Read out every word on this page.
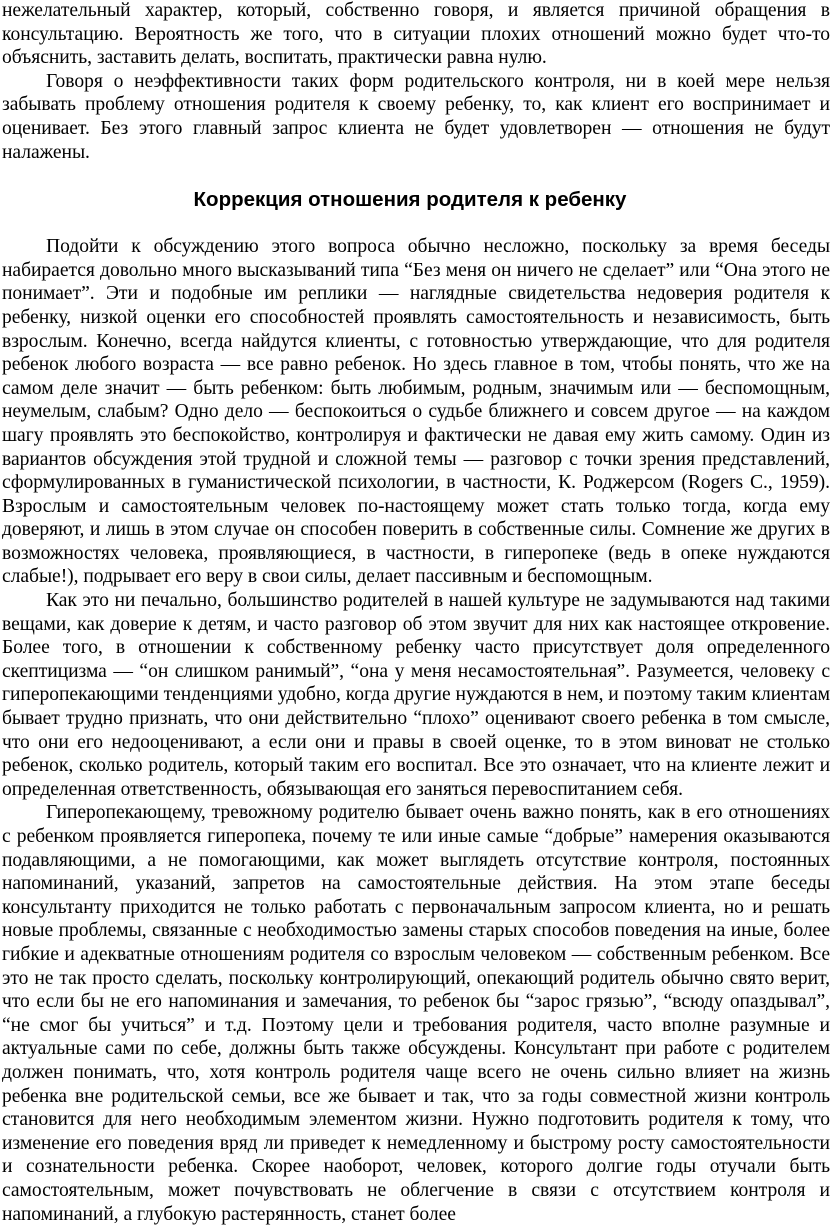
нежелательный характер, который, собственно говоря, и является причиной обращения в консультацию. Вероятность же того, что в ситуации плохих отношений можно будет что-то объяснить, заставить делать, воспитать, практически равна нулю.

Говоря о неэффективности таких форм родительского контроля, ни в коей мере нельзя забывать проблему отношения родителя к своему ребенку, то, как клиент его воспринимает и оценивает. Без этого главный запрос клиента не будет удовлетворен — отношения не будут налажены.

Коррекция отношения родителя к ребенку

Подойти к обсуждению этого вопроса обычно несложно, поскольку за время беседы набирается довольно много высказываний типа “Без меня он ничего не сделает” или “Она этого не понимает”. Эти и подобные им реплики — наглядные свидетельства недоверия родителя к ребенку, низкой оценки его способностей проявлять самостоятельность и независимость, быть взрослым. Конечно, всегда найдутся клиенты, с готовностью утверждающие, что для родителя ребенок любого возраста — все равно ребенок. Но здесь главное в том, чтобы понять, что же на самом деле значит — быть ребенком: быть любимым, родным, значимым или — беспомощным, неумелым, слабым? Одно дело — беспокоиться о судьбе ближнего и совсем другое — на каждом шагу проявлять это беспокойство, контролируя и фактически не давая ему жить самому. Один из вариантов обсуждения этой трудной и сложной темы — разговор с точки зрения представлений, сформулированных в гуманистической психологии, в частности, К. Роджерсом (Rogers C., 1959). Взрослым и самостоятельным человек по-настоящему может стать только тогда, когда ему доверяют, и лишь в этом случае он способен поверить в собственные силы. Сомнение же других в возможностях человека, проявляющиеся, в частности, в гиперопеке (ведь в опеке нуждаются слабые!), подрывает его веру в свои силы, делает пассивным и беспомощным.

Как это ни печально, большинство родителей в нашей культуре не задумываются над такими вещами, как доверие к детям, и часто разговор об этом звучит для них как настоящее откровение. Более того, в отношении к собственному ребенку часто присутствует доля определенного скептицизма — “он слишком ранимый”, “она у меня несамостоятельная”. Разумеется, человеку с гиперопекающими тенденциями удобно, когда другие нуждаются в нем, и поэтому таким клиентам бывает трудно признать, что они действительно “плохо” оценивают своего ребенка в том смысле, что они его недооценивают, а если они и правы в своей оценке, то в этом виноват не столько ребенок, сколько родитель, который таким его воспитал. Все это означает, что на клиенте лежит и определенная ответственность, обязывающая его заняться перевоспитанием себя.

Гиперопекающему, тревожному родителю бывает очень важно понять, как в его отношениях с ребенком проявляется гиперопека, почему те или иные самые “добрые” намерения оказываются подавляющими, а не помогающими, как может выглядеть отсутствие контроля, постоянных напоминаний, указаний, запретов на самостоятельные действия. На этом этапе беседы консультанту приходится не только работать с первоначальным запросом клиента, но и решать новые проблемы, связанные с необходимостью замены старых способов поведения на иные, более гибкие и адекватные отношениям родителя со взрослым человеком — собственным ребенком. Все это не так просто сделать, поскольку контролирующий, опекающий родитель обычно свято верит, что если бы не его напоминания и замечания, то ребенок бы “зарос грязью”, “всюду опаздывал”, “не смог бы учиться” и т.д. Поэтому цели и требования родителя, часто вполне разумные и актуальные сами по себе, должны быть также обсуждены. Консультант при работе с родителем должен понимать, что, хотя контроль родителя чаще всего не очень сильно влияет на жизнь ребенка вне родительской семьи, все же бывает и так, что за годы совместной жизни контроль становится для него необходимым элементом жизни. Нужно подготовить родителя к тому, что изменение его поведения вряд ли приведет к немедленному и быстрому росту самостоятельности и сознательности ребенка. Скорее наоборот, человек, которого долгие годы отучали быть самостоятельным, может почувствовать не облегчение в связи с отсутствием контроля и напоминаний, а глубокую растерянность, станет более
